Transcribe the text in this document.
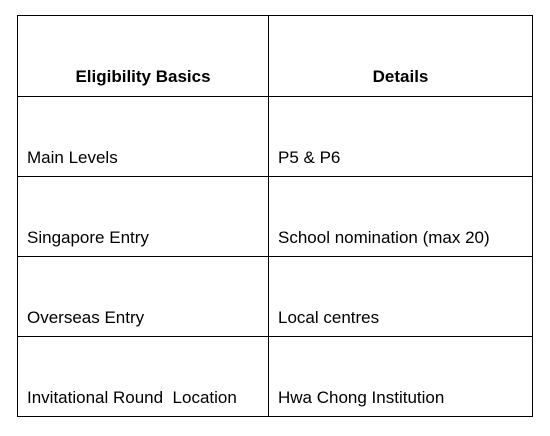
Eligibility Basics	Details
Main Levels	P5 & P6
Singapore Entry	School nomination (max 20)
Overseas Entry	Local centres
Invitational Round  Location	Hwa Chong Institution
